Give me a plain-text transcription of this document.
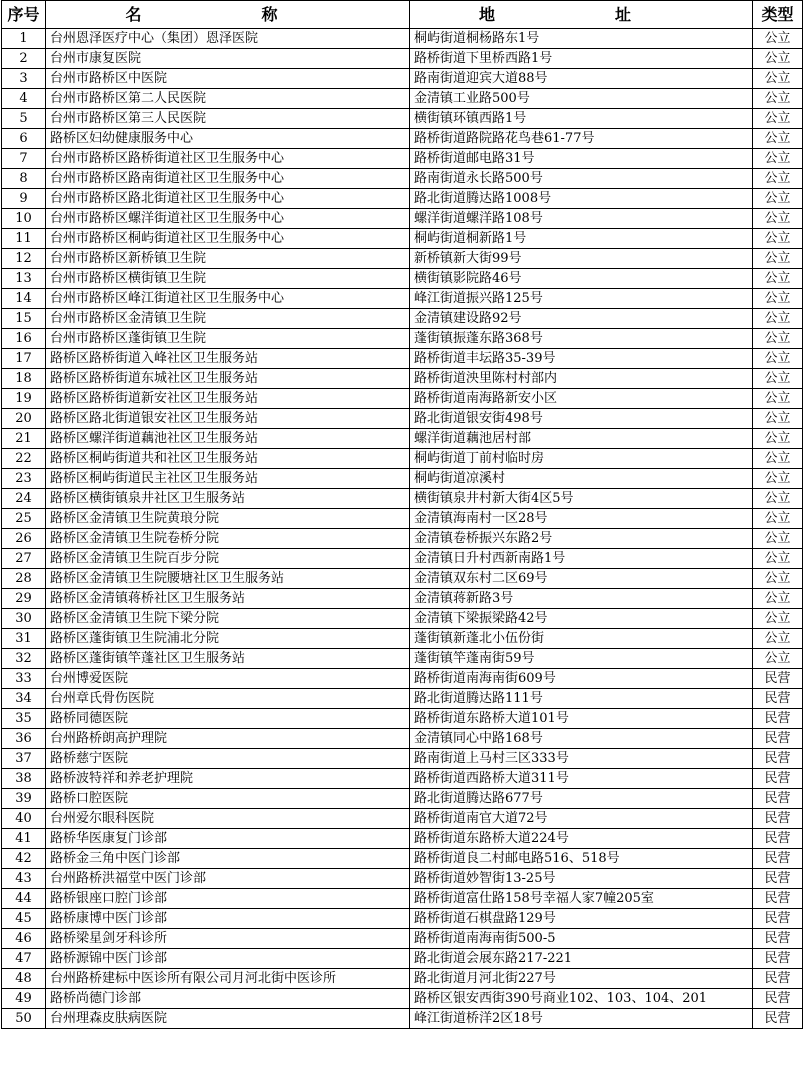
序号	名　称	地　址	类型
1	台州恩泽医疗中心（集团）恩泽医院	桐屿街道桐杨路东1号	公立
2	台州市康复医院	路桥街道下里桥西路1号	公立
3	台州市路桥区中医院	路南街道迎宾大道88号	公立
4	台州市路桥区第二人民医院	金清镇工业路500号	公立
5	台州市路桥区第三人民医院	横街镇环镇西路1号	公立
6	路桥区妇幼健康服务中心	路桥街道路院路花鸟巷61-77号	公立
7	台州市路桥区路桥街道社区卫生服务中心	路桥街道邮电路31号	公立
8	台州市路桥区路南街道社区卫生服务中心	路南街道永长路500号	公立
9	台州市路桥区路北街道社区卫生服务中心	路北街道腾达路1008号	公立
10	台州市路桥区螺洋街道社区卫生服务中心	螺洋街道螺洋路108号	公立
11	台州市路桥区桐屿街道社区卫生服务中心	桐屿街道桐新路1号	公立
12	台州市路桥区新桥镇卫生院	新桥镇新大街99号	公立
13	台州市路桥区横街镇卫生院	横街镇影院路46号	公立
14	台州市路桥区峰江街道社区卫生服务中心	峰江街道振兴路125号	公立
15	台州市路桥区金清镇卫生院	金清镇建设路92号	公立
16	台州市路桥区蓬街镇卫生院	蓬街镇振蓬东路368号	公立
17	路桥区路桥街道入峰社区卫生服务站	路桥街道丰坛路35-39号	公立
18	路桥区路桥街道东城社区卫生服务站	路桥街道泱里陈村村部内	公立
19	路桥区路桥街道新安社区卫生服务站	路桥街道南海路新安小区	公立
20	路桥区路北街道银安社区卫生服务站	路北街道银安街498号	公立
21	路桥区螺洋街道藕池社区卫生服务站	螺洋街道藕池居村部	公立
22	路桥区桐屿街道共和社区卫生服务站	桐屿街道丁前村临时房	公立
23	路桥区桐屿街道民主社区卫生服务站	桐屿街道凉溪村	公立
24	路桥区横街镇泉井社区卫生服务站	横街镇泉井村新大街4区5号	公立
25	路桥区金清镇卫生院黄琅分院	金清镇海南村一区28号	公立
26	路桥区金清镇卫生院卷桥分院	金清镇卷桥振兴东路2号	公立
27	路桥区金清镇卫生院百步分院	金清镇日升村西新南路1号	公立
28	路桥区金清镇卫生院腰塘社区卫生服务站	金清镇双东村二区69号	公立
29	路桥区金清镇蒋桥社区卫生服务站	金清镇蒋新路3号	公立
30	路桥区金清镇卫生院下梁分院	金清镇下梁振梁路42号	公立
31	路桥区蓬街镇卫生院浦北分院	蓬街镇新蓬北小伍份街	公立
32	路桥区蓬街镇竿蓬社区卫生服务站	蓬街镇竿蓬南街59号	公立
33	台州博爱医院	路桥街道南海南街609号	民营
34	台州章氏骨伤医院	路北街道腾达路111号	民营
35	路桥同德医院	路桥街道东路桥大道101号	民营
36	台州路桥朗高护理院	金清镇同心中路168号	民营
37	路桥慈宁医院	路南街道上马村三区333号	民营
38	路桥波特祥和养老护理院	路桥街道西路桥大道311号	民营
39	路桥口腔医院	路北街道腾达路677号	民营
40	台州爱尔眼科医院	路桥街道南官大道72号	民营
41	路桥华医康复门诊部	路桥街道东路桥大道224号	民营
42	路桥金三角中医门诊部	路桥街道良二村邮电路516、518号	民营
43	台州路桥洪福堂中医门诊部	路桥街道妙智街13-25号	民营
44	路桥银座口腔门诊部	路桥街道富仕路158号幸福人家7幢205室	民营
45	路桥康博中医门诊部	路桥街道石棋盘路129号	民营
46	路桥梁星剑牙科诊所	路桥街道南海南街500-5	民营
47	路桥源锦中医门诊部	路北街道会展东路217-221	民营
48	台州路桥建标中医诊所有限公司月河北街中医诊所	路北街道月河北街227号	民营
49	路桥尚德门诊部	路桥区银安西街390号商业102、103、104、201	民营
50	台州理森皮肤病医院	峰江街道桥洋2区18号	民营
